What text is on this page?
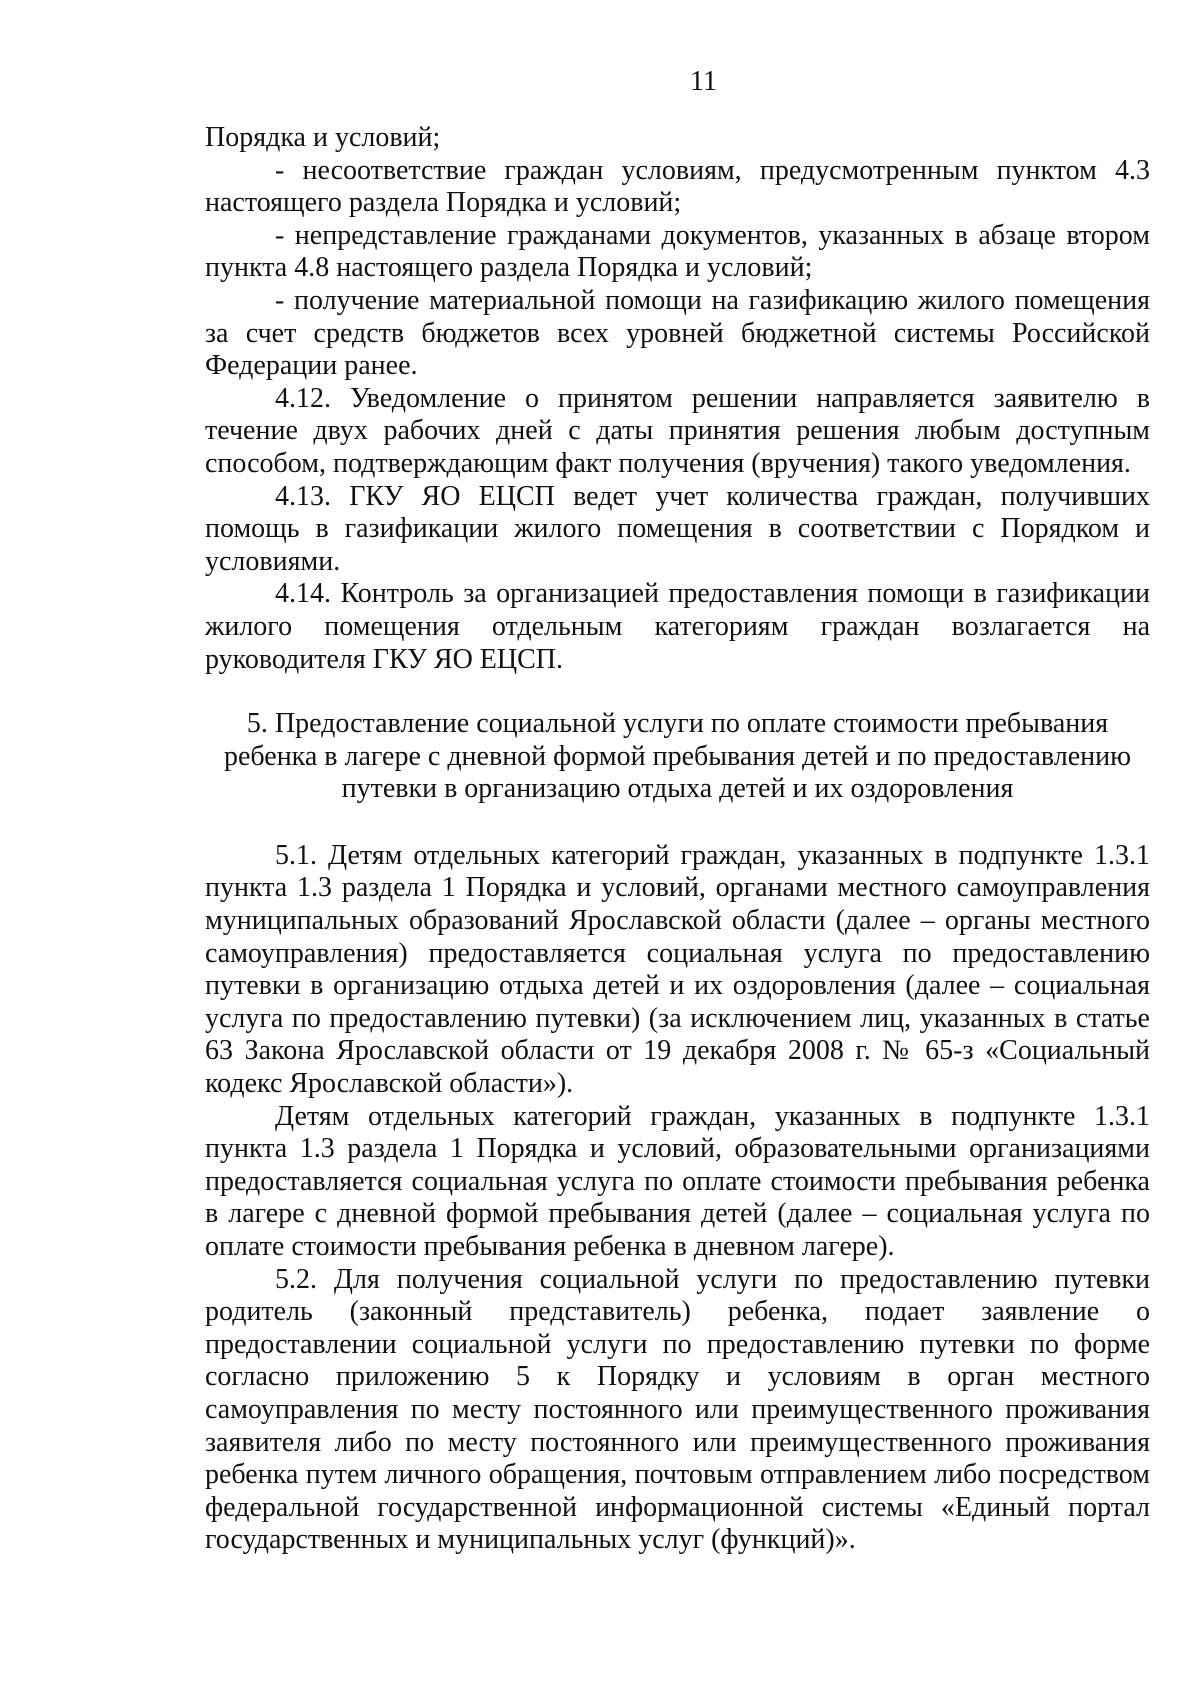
11

Порядка и условий;

- несоответствие граждан условиям, предусмотренным пунктом 4.3 настоящего раздела Порядка и условий;

- непредставление гражданами документов, указанных в абзаце втором пункта 4.8 настоящего раздела Порядка и условий;

- получение материальной помощи на газификацию жилого помещения за счет средств бюджетов всех уровней бюджетной системы Российской Федерации ранее.

4.12. Уведомление о принятом решении направляется заявителю в течение двух рабочих дней с даты принятия решения любым доступным способом, подтверждающим факт получения (вручения) такого уведомления.

4.13. ГКУ ЯО ЕЦСП ведет учет количества граждан, получивших помощь в газификации жилого помещения в соответствии с Порядком и условиями.

4.14. Контроль за организацией предоставления помощи в газификации жилого помещения отдельным категориям граждан возлагается на руководителя ГКУ ЯО ЕЦСП.

5. Предоставление социальной услуги по оплате стоимости пребывания
ребенка в лагере с дневной формой пребывания детей и по предоставлению
путевки в организацию отдыха детей и их оздоровления

5.1. Детям отдельных категорий граждан, указанных в подпункте 1.3.1 пункта 1.3 раздела 1 Порядка и условий, органами местного самоуправления муниципальных образований Ярославской области (далее – органы местного самоуправления) предоставляется социальная услуга по предоставлению путевки в организацию отдыха детей и их оздоровления (далее – социальная услуга по предоставлению путевки) (за исключением лиц, указанных в статье 63 Закона Ярославской области от 19 декабря 2008 г. № 65-з «Социальный кодекс Ярославской области»).

Детям отдельных категорий граждан, указанных в подпункте 1.3.1 пункта 1.3 раздела 1 Порядка и условий, образовательными организациями предоставляется социальная услуга по оплате стоимости пребывания ребенка в лагере с дневной формой пребывания детей (далее – социальная услуга по оплате стоимости пребывания ребенка в дневном лагере).

5.2. Для получения социальной услуги по предоставлению путевки родитель (законный представитель) ребенка, подает заявление о предоставлении социальной услуги по предоставлению путевки по форме согласно приложению 5 к Порядку и условиям в орган местного самоуправления по месту постоянного или преимущественного проживания заявителя либо по месту постоянного или преимущественного проживания ребенка путем личного обращения, почтовым отправлением либо посредством федеральной государственной информационной системы «Единый портал государственных и муниципальных услуг (функций)».
